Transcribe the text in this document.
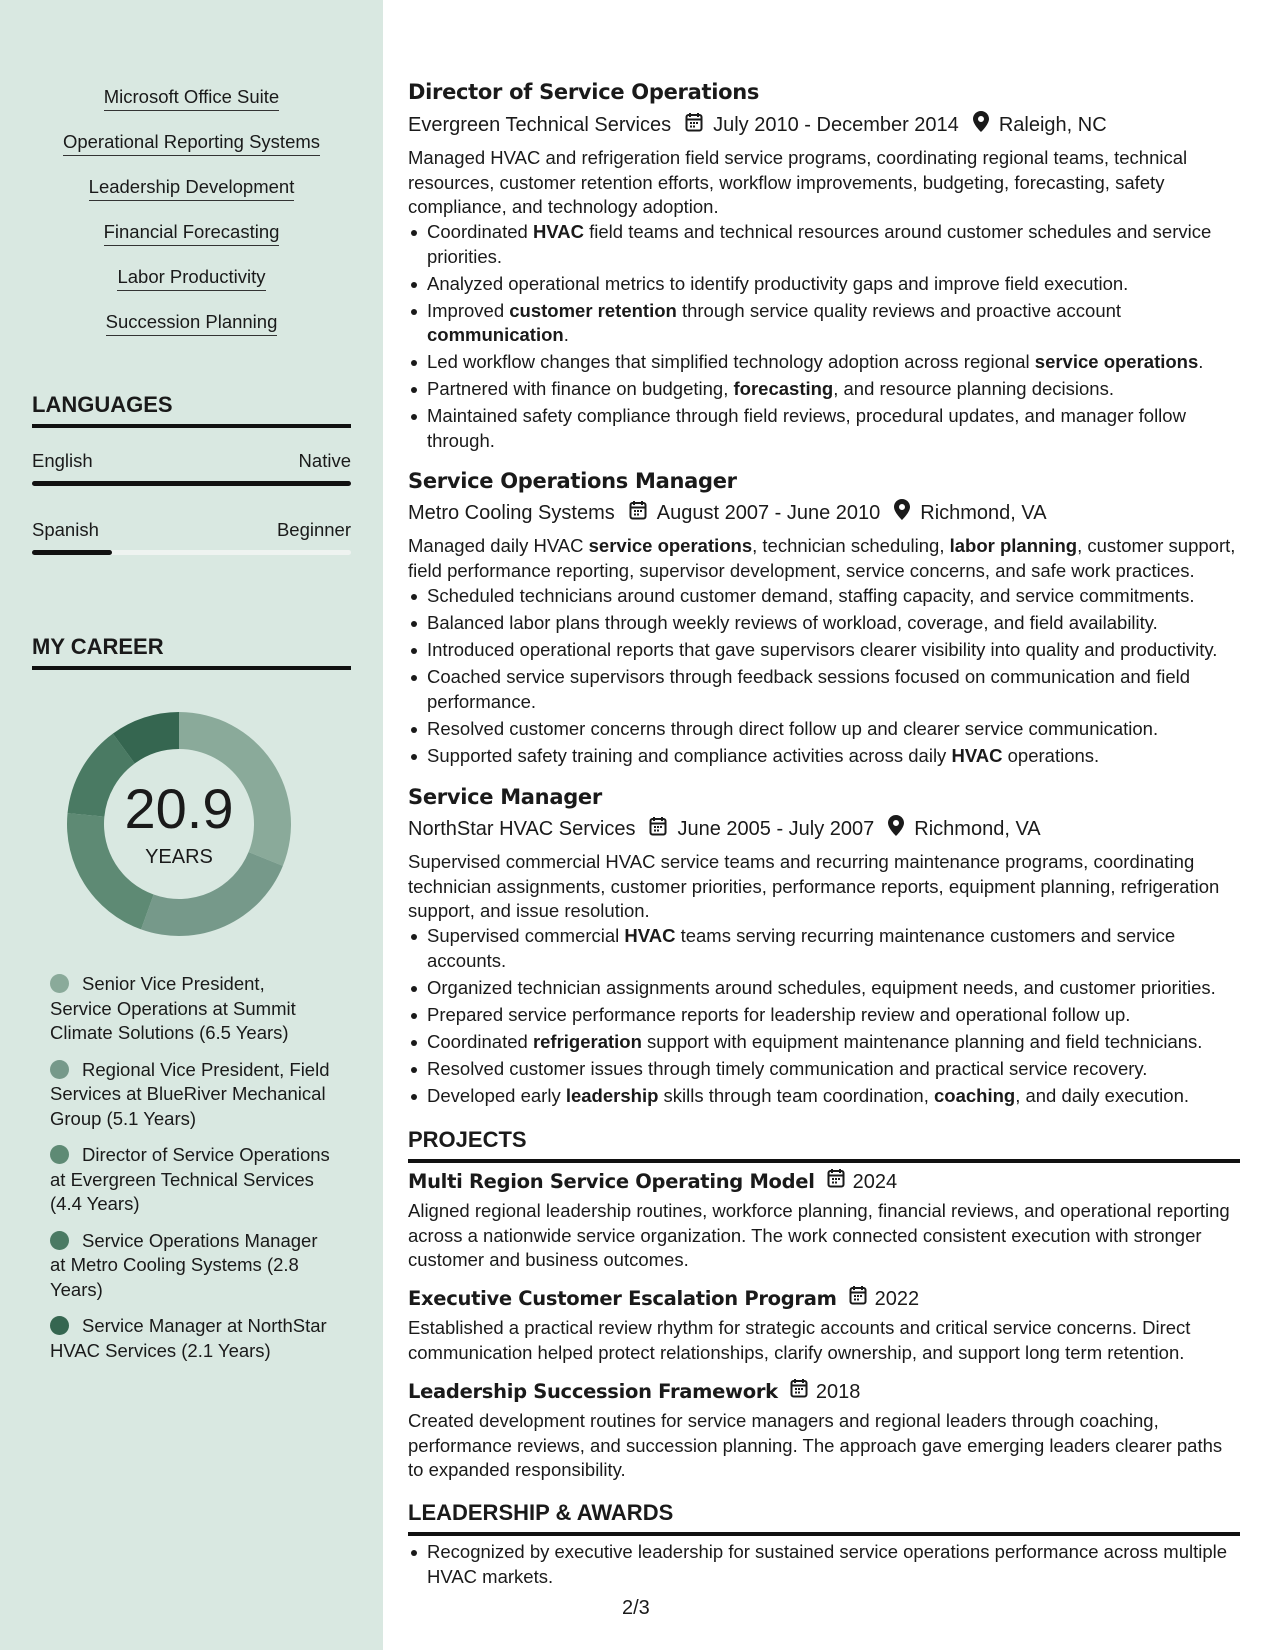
Microsoft Office Suite
Operational Reporting Systems
Leadership Development
Financial Forecasting
Labor Productivity
Succession Planning
LANGUAGES
English	Native
Spanish	Beginner
MY CAREER
20.9
YEARS
Senior Vice President, Service Operations at Summit Climate Solutions (6.5 Years)
Regional Vice President, Field Services at BlueRiver Mechanical Group (5.1 Years)
Director of Service Operations at Evergreen Technical Services (4.4 Years)
Service Operations Manager at Metro Cooling Systems (2.8 Years)
Service Manager at NorthStar HVAC Services (2.1 Years)
Director of Service Operations
Evergreen Technical Services July 2010 - December 2014 Raleigh, NC
Managed HVAC and refrigeration field service programs, coordinating regional teams, technical resources, customer retention efforts, workflow improvements, budgeting, forecasting, safety compliance, and technology adoption.
Coordinated HVAC field teams and technical resources around customer schedules and service priorities.
Analyzed operational metrics to identify productivity gaps and improve field execution.
Improved customer retention through service quality reviews and proactive account communication.
Led workflow changes that simplified technology adoption across regional service operations.
Partnered with finance on budgeting, forecasting, and resource planning decisions.
Maintained safety compliance through field reviews, procedural updates, and manager follow through.
Service Operations Manager
Metro Cooling Systems August 2007 - June 2010 Richmond, VA
Managed daily HVAC service operations, technician scheduling, labor planning, customer support, field performance reporting, supervisor development, service concerns, and safe work practices.
Scheduled technicians around customer demand, staffing capacity, and service commitments.
Balanced labor plans through weekly reviews of workload, coverage, and field availability.
Introduced operational reports that gave supervisors clearer visibility into quality and productivity.
Coached service supervisors through feedback sessions focused on communication and field performance.
Resolved customer concerns through direct follow up and clearer service communication.
Supported safety training and compliance activities across daily HVAC operations.
Service Manager
NorthStar HVAC Services June 2005 - July 2007 Richmond, VA
Supervised commercial HVAC service teams and recurring maintenance programs, coordinating technician assignments, customer priorities, performance reports, equipment planning, refrigeration support, and issue resolution.
Supervised commercial HVAC teams serving recurring maintenance customers and service accounts.
Organized technician assignments around schedules, equipment needs, and customer priorities.
Prepared service performance reports for leadership review and operational follow up.
Coordinated refrigeration support with equipment maintenance planning and field technicians.
Resolved customer issues through timely communication and practical service recovery.
Developed early leadership skills through team coordination, coaching, and daily execution.
PROJECTS
Multi Region Service Operating Model 2024
Aligned regional leadership routines, workforce planning, financial reviews, and operational reporting across a nationwide service organization. The work connected consistent execution with stronger customer and business outcomes.
Executive Customer Escalation Program 2022
Established a practical review rhythm for strategic accounts and critical service concerns. Direct communication helped protect relationships, clarify ownership, and support long term retention.
Leadership Succession Framework 2018
Created development routines for service managers and regional leaders through coaching, performance reviews, and succession planning. The approach gave emerging leaders clearer paths to expanded responsibility.
LEADERSHIP & AWARDS
Recognized by executive leadership for sustained service operations performance across multiple HVAC markets.
2/3
